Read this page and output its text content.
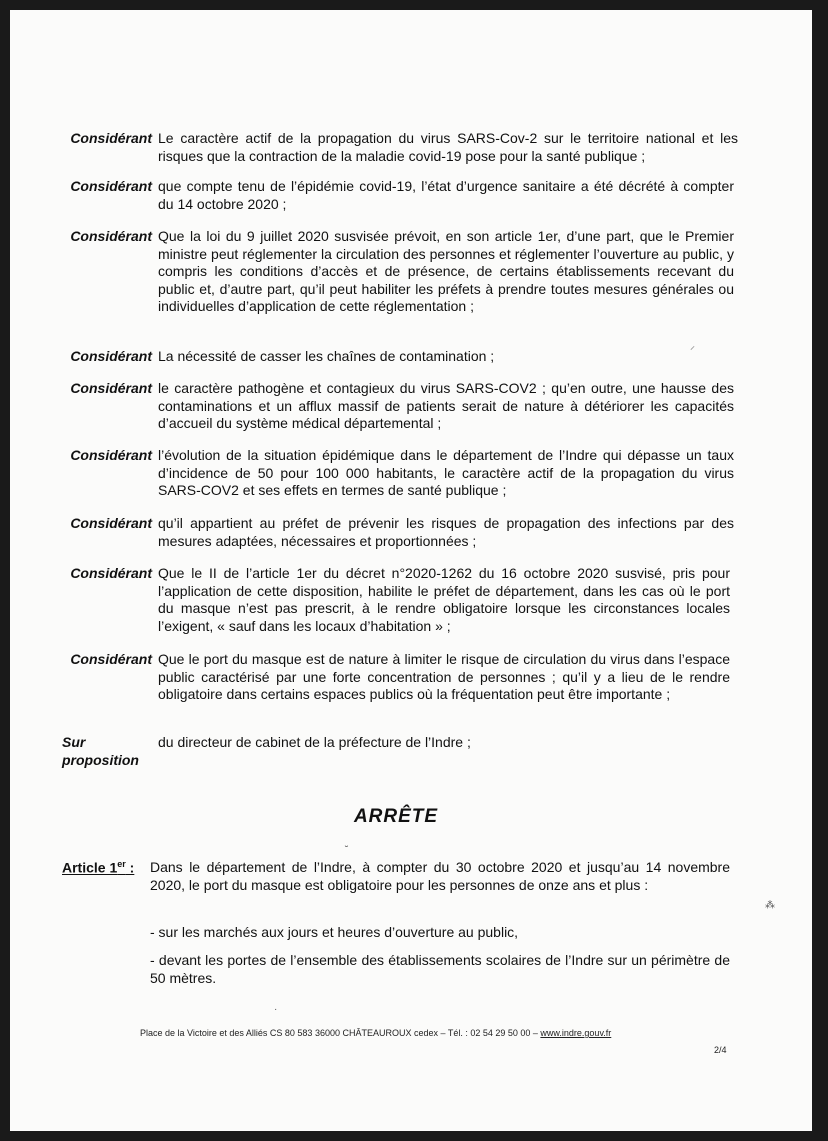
Considérant Le caractère actif de la propagation du virus SARS-Cov-2 sur le territoire national et les risques que la contraction de la maladie covid-19 pose pour la santé publique ;
Considérant que compte tenu de l’épidémie covid-19, l’état d’urgence sanitaire a été décrété à compter du 14 octobre 2020 ;
Considérant Que la loi du 9 juillet 2020 susvisée prévoit, en son article 1er, d’une part, que le Premier ministre peut réglementer la circulation des personnes et réglementer l’ouverture au public, y compris les conditions d’accès et de présence, de certains établissements recevant du public et, d’autre part, qu’il peut habiliter les préfets à prendre toutes mesures générales ou individuelles d’application de cette réglementation ;
Considérant La nécessité de casser les chaînes de contamination ;
Considérant le caractère pathogène et contagieux du virus SARS-COV2 ; qu’en outre, une hausse des contaminations et un afflux massif de patients serait de nature à détériorer les capacités d’accueil du système médical départemental ;
Considérant l’évolution de la situation épidémique dans le département de l’Indre qui dépasse un taux d’incidence de 50 pour 100 000 habitants, le caractère actif de la propagation du virus SARS-COV2 et ses effets en termes de santé publique ;
Considérant qu’il appartient au préfet de prévenir les risques de propagation des infections par des mesures adaptées, nécessaires et proportionnées ;
Considérant Que le II de l’article 1er du décret n°2020-1262 du 16 octobre 2020 susvisé, pris pour l’application de cette disposition, habilite le préfet de département, dans les cas où le port du masque n’est pas prescrit, à le rendre obligatoire lorsque les circonstances locales l’exigent, « sauf dans les locaux d’habitation » ;
Considérant Que le port du masque est de nature à limiter le risque de circulation du virus dans l’espace public caractérisé par une forte concentration de personnes ; qu’il y a lieu de le rendre obligatoire dans certains espaces publics où la fréquentation peut être importante ;
Sur
proposition
du directeur de cabinet de la préfecture de l’Indre ;
ARRÊTE
Article 1er : Dans le département de l’Indre, à compter du 30 octobre 2020 et jusqu’au 14 novembre 2020, le port du masque est obligatoire pour les personnes de onze ans et plus :
- sur les marchés aux jours et heures d’ouverture au public,
- devant les portes de l’ensemble des établissements scolaires de l’Indre sur un périmètre de 50 mètres.
Place de la Victoire et des Alliés CS 80 583 36000 CHÂTEAUROUX cedex – Tél. : 02 54 29 50 00 – www.indre.gouv.fr
2/4
⸝
⁂
·
˘
